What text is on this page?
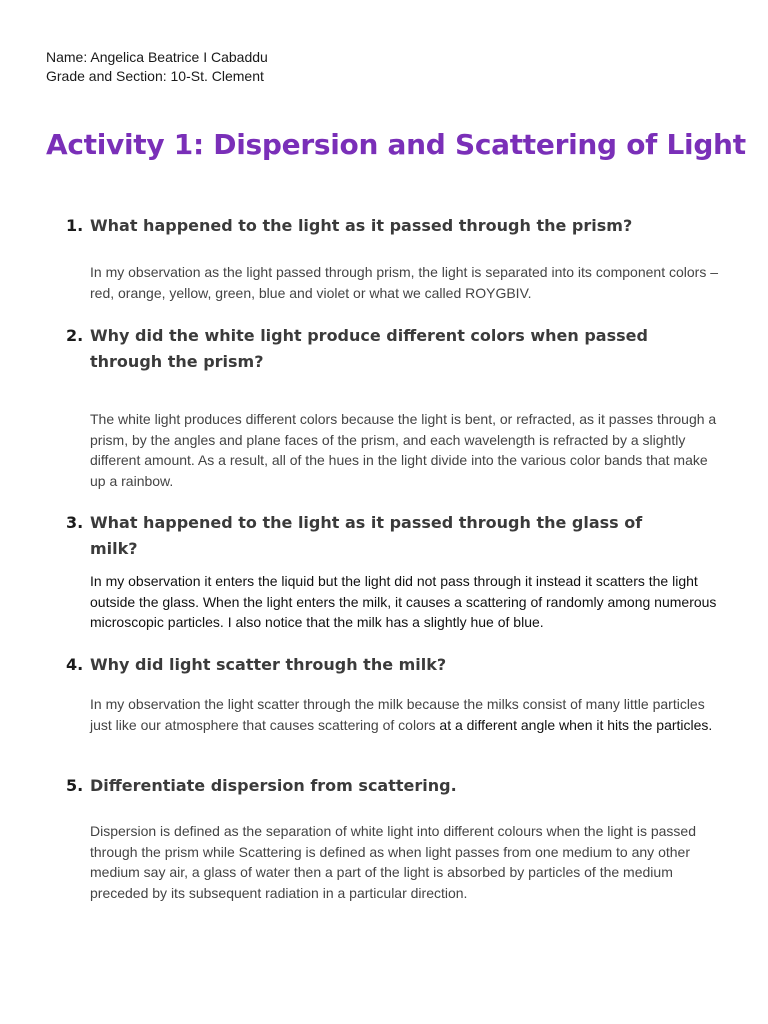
Name: Angelica Beatrice I Cabaddu
Grade and Section: 10-St. Clement
Activity 1: Dispersion and Scattering of Light
1. What happened to the light as it passed through the prism?
In my observation as the light passed through prism, the light is separated into its component colors – red, orange, yellow, green, blue and violet or what we called ROYGBIV.
2. Why did the white light produce different colors when passed through the prism?
The white light produces different colors because the light is bent, or refracted, as it passes through a prism, by the angles and plane faces of the prism, and each wavelength is refracted by a slightly different amount. As a result, all of the hues in the light divide into the various color bands that make up a rainbow.
3. What happened to the light as it passed through the glass of milk?
In my observation it enters the liquid but the light did not pass through it instead it scatters the light outside the glass. When the light enters the milk, it causes a scattering of randomly among numerous microscopic particles. I also notice that the milk has a slightly hue of blue.
4. Why did light scatter through the milk?
In my observation the light scatter through the milk because the milks consist of many little particles just like our atmosphere that causes scattering of colors at a different angle when it hits the particles.
5. Differentiate dispersion from scattering.
Dispersion is defined as the separation of white light into different colours when the light is passed through the prism while Scattering is defined as when light passes from one medium to any other medium say air, a glass of water then a part of the light is absorbed by particles of the medium preceded by its subsequent radiation in a particular direction.
